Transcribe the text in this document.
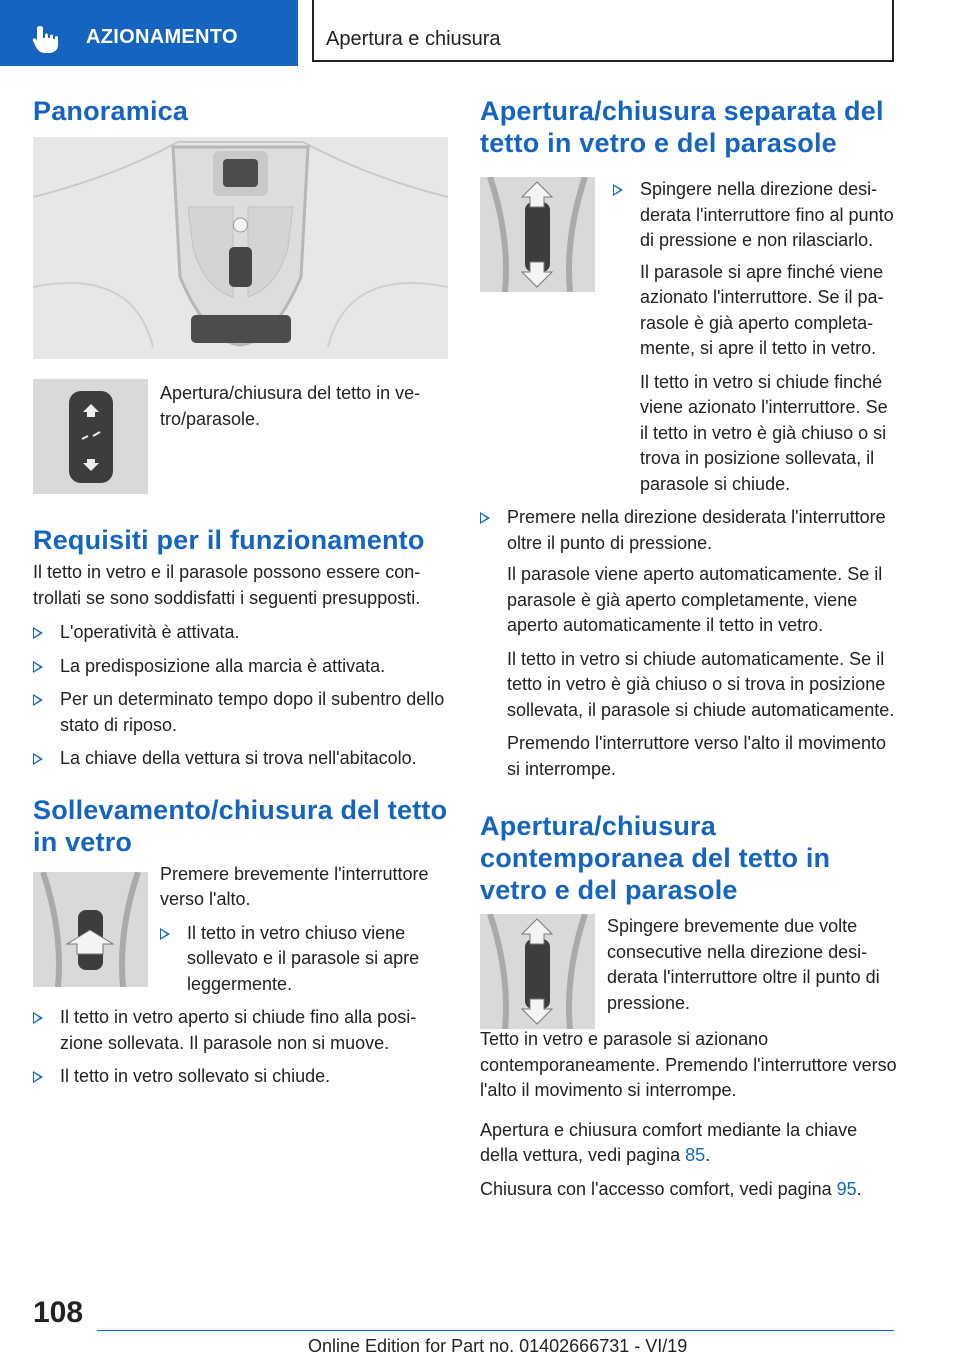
AZIONAMENTO	Apertura e chiusura
Panoramica

Apertura/chiusura del tetto in vetro/parasole.

Requisiti per il funzionamento

Il tetto in vetro e il parasole possono essere controllati se sono soddisfatti i seguenti presupposti.

L'operatività è attivata.
La predisposizione alla marcia è attivata.
Per un determinato tempo dopo il subentro dello stato di riposo.
La chiave della vettura si trova nell'abitacolo.
Sollevamento/chiusura del tetto in vetro

Premere brevemente l'interruttore verso l'alto.

Il tetto in vetro chiuso viene sollevato e il parasole si apre leggermente.
Il tetto in vetro aperto si chiude fino alla posizione sollevata. Il parasole non si muove.
Il tetto in vetro sollevato si chiude.
Apertura/chiusura separata del tetto in vetro e del parasole
Spingere nella direzione desiderata l'interruttore fino al punto di pressione e non rilasciarlo.

Il parasole si apre finché viene azionato l'interruttore. Se il parasole è già aperto completamente, si apre il tetto in vetro.

Il tetto in vetro si chiude finché viene azionato l'interruttore. Se il tetto in vetro è già chiuso o si trova in posizione sollevata, il parasole si chiude.

Premere nella direzione desiderata l'interruttore oltre il punto di pressione.

Il parasole viene aperto automaticamente. Se il parasole è già aperto completamente, viene aperto automaticamente il tetto in vetro.

Il tetto in vetro si chiude automaticamente. Se il tetto in vetro è già chiuso o si trova in posizione sollevata, il parasole si chiude automaticamente.

Premendo l'interruttore verso l'alto il movimento si interrompe.

Apertura/chiusura contemporanea del tetto in vetro e del parasole

Spingere brevemente due volte consecutive nella direzione desiderata l'interruttore oltre il punto di pressione.

Tetto in vetro e parasole si azionano contemporaneamente. Premendo l'interruttore verso l'alto il movimento si interrompe.

Apertura e chiusura comfort mediante la chiave della vettura, vedi pagina 85.

Chiusura con l'accesso comfort, vedi pagina 95.

108
Online Edition for Part no. 01402666731 - VI/19
